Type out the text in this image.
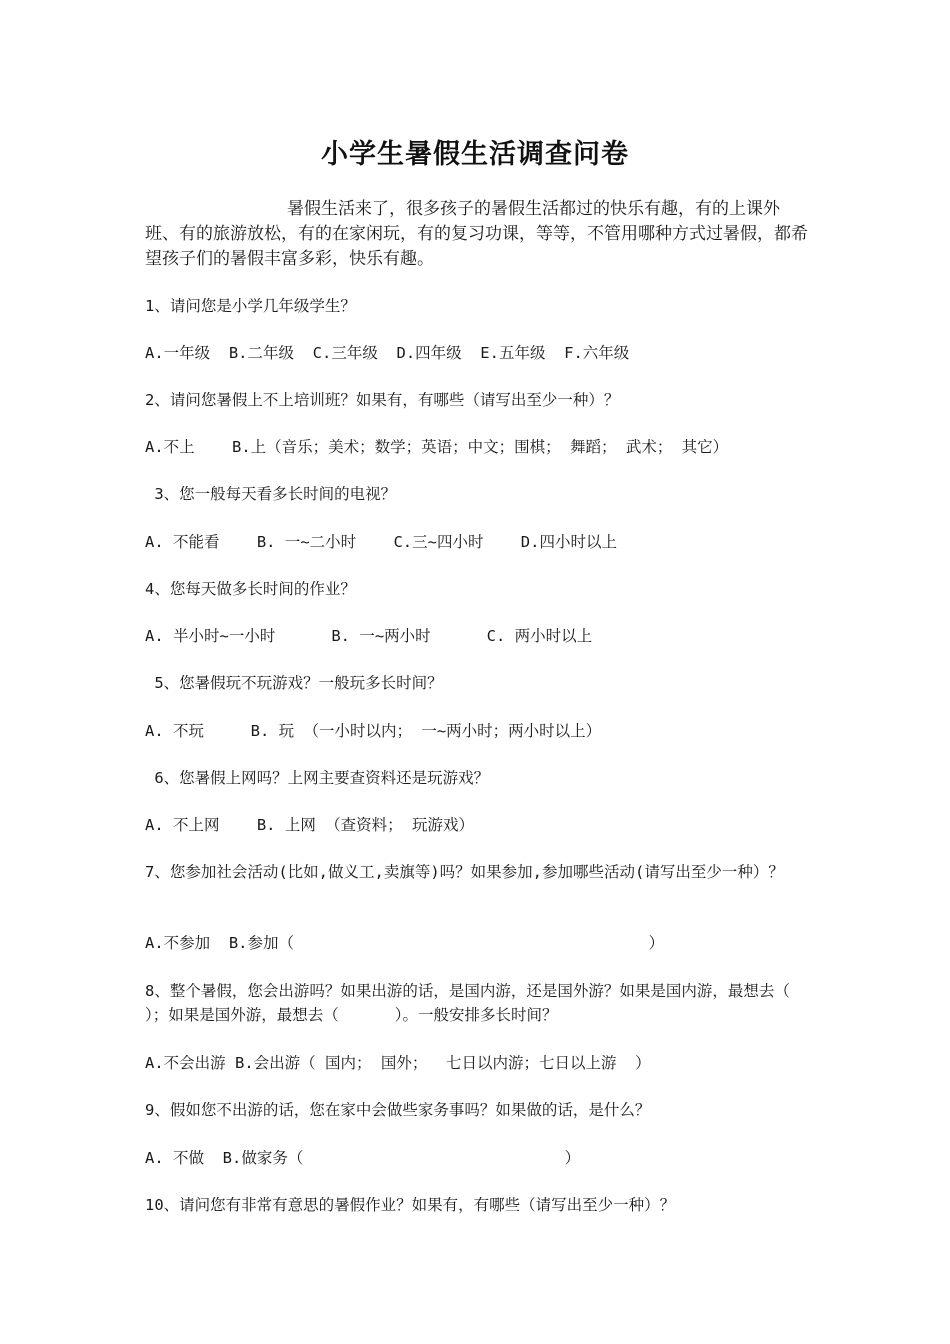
小学生暑假生活调查问卷

暑假生活来了，很多孩子的暑假生活都过的快乐有趣，有的上课外班、有的旅游放松，有的在家闲玩，有的复习功课，等等，不管用哪种方式过暑假，都希望孩子们的暑假丰富多彩，快乐有趣。

1、请问您是小学几年级学生？

A.一年级  B.二年级  C.三年级  D.四年级  E.五年级  F.六年级

2、请问您暑假上不上培训班？如果有，有哪些（请写出至少一种）？

A.不上    B.上（音乐；美术；数学；英语；中文；围棋； 舞蹈； 武术； 其它）

3、您一般每天看多长时间的电视？

A. 不能看    B. 一~二小时    C.三~四小时    D.四小时以上

4、您每天做多长时间的作业？

A. 半小时~一小时      B. 一~两小时      C. 两小时以上

5、您暑假玩不玩游戏？一般玩多长时间？

A. 不玩     B. 玩 （一小时以内； 一~两小时；两小时以上）

6、您暑假上网吗？上网主要查资料还是玩游戏？

A. 不上网    B. 上网 （查资料； 玩游戏）

7、您参加社会活动(比如,做义工,卖旗等)吗？如果参加,参加哪些活动(请写出至少一种）？

A.不参加  B.参加（                                      ）

8、整个暑假，您会出游吗？如果出游的话，是国内游，还是国外游？如果是国内游，最想去（     ）；如果是国外游，最想去（      ）。一般安排多长时间？

A.不会出游 B.会出游（ 国内； 国外；  七日以内游；七日以上游  ）

9、假如您不出游的话，您在家中会做些家务事吗？如果做的话，是什么？

A. 不做  B.做家务（                            ）

10、请问您有非常有意思的暑假作业？如果有，有哪些（请写出至少一种）？
